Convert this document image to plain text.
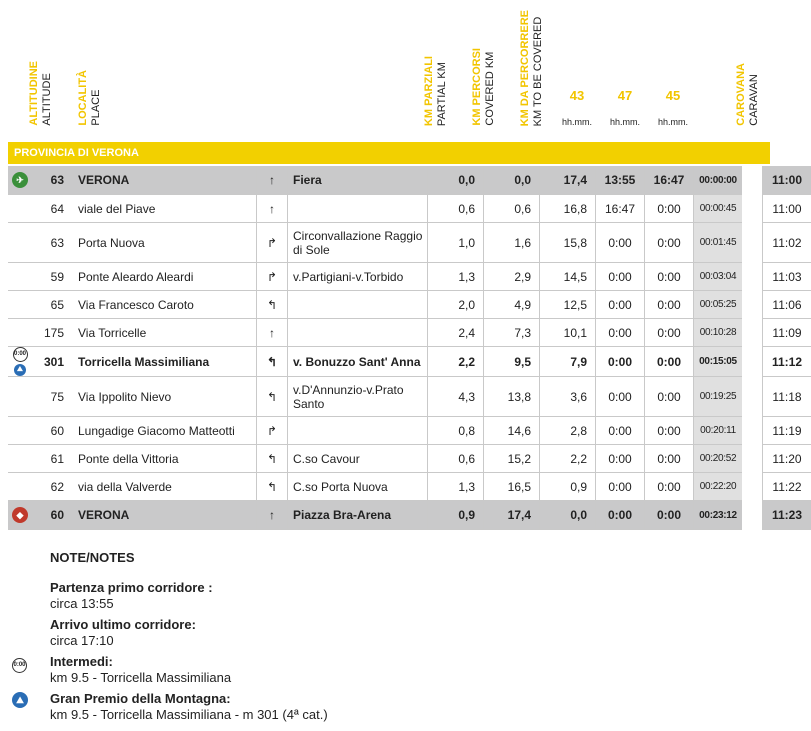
ALTITUDINE ALTITUDE LOCALITÀ PLACE	KM PARZIALI PARTIAL KM KM PERCORSI COVERED KM KM DA PERCORRERE KM TO BE COVERED	43	47	45
hh.mm.	hh.mm.	hh.mm.	CAROVANA CARAVAN
PROVINCIA DI VERONA
✈	63	VERONA	↑	Fiera	0,0	0,0	17,4	13:55	16:47	00:00:00		11:00
	64	viale del Piave	↑		0,6	0,6	16,8	16:47	0:00	00:00:45		11:00
	63	Porta Nuova	↱	Circonvallazione Raggio di Sole	1,0	1,6	15,8	0:00	0:00	00:01:45		11:02
	59	Ponte Aleardo Aleardi	↱	v.Partigiani-v.Torbido	1,3	2,9	14,5	0:00	0:00	00:03:04		11:03
	65	Via Francesco Caroto	↰		2,0	4,9	12,5	0:00	0:00	00:05:25		11:06
	175	Via Torricelle	↑		2,4	7,3	10,1	0:00	0:00	00:10:28		11:09
0:00⛰	301	Torricella Massimiliana	↰	v. Bonuzzo Sant' Anna	2,2	9,5	7,9	0:00	0:00	00:15:05		11:12
	75	Via Ippolito Nievo	↰	v.D'Annunzio-v.Prato Santo	4,3	13,8	3,6	0:00	0:00	00:19:25		11:18
	60	Lungadige Giacomo Matteotti	↱		0,8	14,6	2,8	0:00	0:00	00:20:11		11:19
	61	Ponte della Vittoria	↰	C.so Cavour	0,6	15,2	2,2	0:00	0:00	00:20:52		11:20
	62	via della Valverde	↰	C.so Porta Nuova	1,3	16,5	0,9	0:00	0:00	00:22:20		11:22
◆	60	VERONA	↑	Piazza Bra-Arena	0,9	17,4	0,0	0:00	0:00	00:23:12		11:23
NOTE/NOTES
Partenza primo corridore :
circa 13:55
Arrivo ultimo corridore:
circa 17:10
Intermedi:
km 9.5 - Torricella Massimiliana
Gran Premio della Montagna:
km 9.5 - Torricella Massimiliana - m 301 (4ª cat.)
0:00
⛰
